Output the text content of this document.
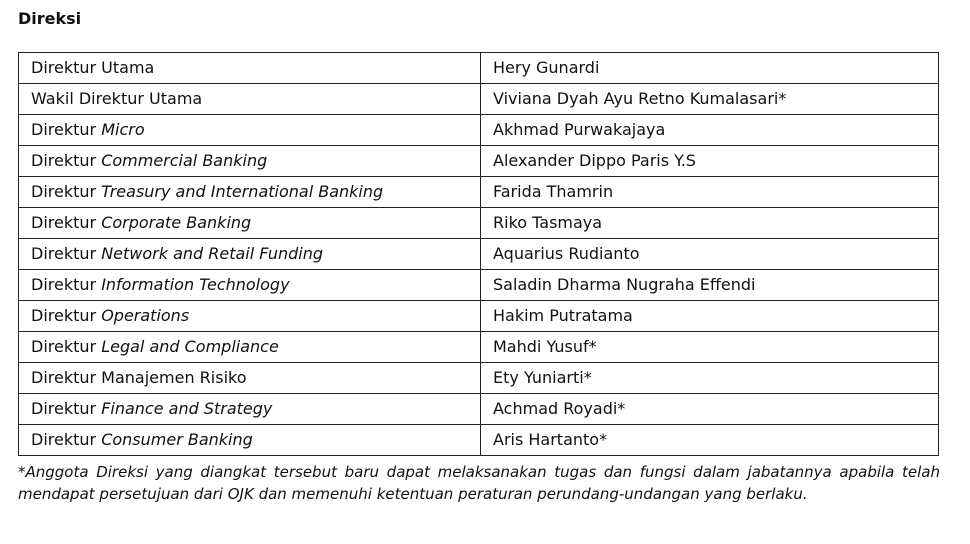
Direksi
Direktur Utama	Hery Gunardi
Wakil Direktur Utama	Viviana Dyah Ayu Retno Kumalasari*
Direktur Micro	Akhmad Purwakajaya
Direktur Commercial Banking	Alexander Dippo Paris Y.S
Direktur Treasury and International Banking	Farida Thamrin
Direktur Corporate Banking	Riko Tasmaya
Direktur Network and Retail Funding	Aquarius Rudianto
Direktur Information Technology	Saladin Dharma Nugraha Effendi
Direktur Operations	Hakim Putratama
Direktur Legal and Compliance	Mahdi Yusuf*
Direktur Manajemen Risiko	Ety Yuniarti*
Direktur Finance and Strategy	Achmad Royadi*
Direktur Consumer Banking	Aris Hartanto*
*Anggota Direksi yang diangkat tersebut baru dapat melaksanakan tugas dan fungsi dalam jabatannya apabila telah mendapat persetujuan dari OJK dan memenuhi ketentuan peraturan perundang-undangan yang berlaku.
